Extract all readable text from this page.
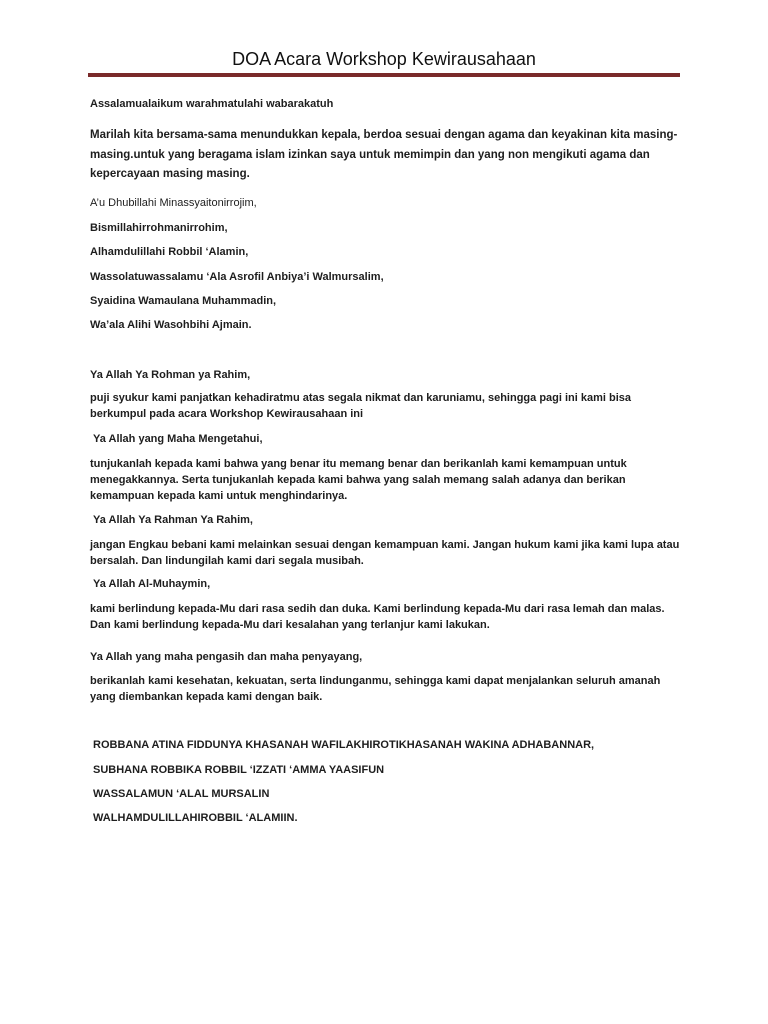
DOA Acara Workshop Kewirausahaan
Assalamualaikum warahmatulahi wabarakatuh
Marilah kita bersama-sama menundukkan kepala, berdoa sesuai dengan agama dan keyakinan kita masing-
masing.untuk yang beragama islam izinkan saya untuk memimpin dan yang non mengikuti agama dan
kepercayaan masing masing.
A’u Dhubillahi Minassyaitonirrojim,
Bismillahirrohmanirrohim,
Alhamdulillahi Robbil ‘Alamin,
Wassolatuwassalamu ‘Ala Asrofil Anbiya’i Walmursalim,
Syaidina Wamaulana Muhammadin,
Wa’ala Alihi Wasohbihi Ajmain.
Ya Allah Ya Rohman ya Rahim,
puji syukur kami panjatkan kehadiratmu atas segala nikmat dan karuniamu, sehingga pagi ini kami bisa
berkumpul pada acara Workshop Kewirausahaan ini
Ya Allah yang Maha Mengetahui,
tunjukanlah kepada kami bahwa yang benar itu memang benar dan berikanlah kami kemampuan untuk
menegakkannya. Serta tunjukanlah kepada kami bahwa yang salah memang salah adanya dan berikan
kemampuan kepada kami untuk menghindarinya.
Ya Allah Ya Rahman Ya Rahim,
jangan Engkau bebani kami melainkan sesuai dengan kemampuan kami. Jangan hukum kami jika kami lupa atau
bersalah. Dan lindungilah kami dari segala musibah.
Ya Allah Al-Muhaymin,
kami berlindung kepada-Mu dari rasa sedih dan duka. Kami berlindung kepada-Mu dari rasa lemah dan malas.
Dan kami berlindung kepada-Mu dari kesalahan yang terlanjur kami lakukan.
Ya Allah yang maha pengasih dan maha penyayang,
berikanlah kami kesehatan, kekuatan, serta lindunganmu, sehingga kami dapat menjalankan seluruh amanah
yang diembankan kepada kami dengan baik.
ROBBANA ATINA FIDDUNYA KHASANAH WAFILAKHIROTIKHASANAH WAKINA ADHABANNAR,
SUBHANA ROBBIKA ROBBIL ‘IZZATI ‘AMMA YAASIFUN
WASSALAMUN ‘ALAL MURSALIN
WALHAMDULILLAHIROBBIL ‘ALAMIIN.
